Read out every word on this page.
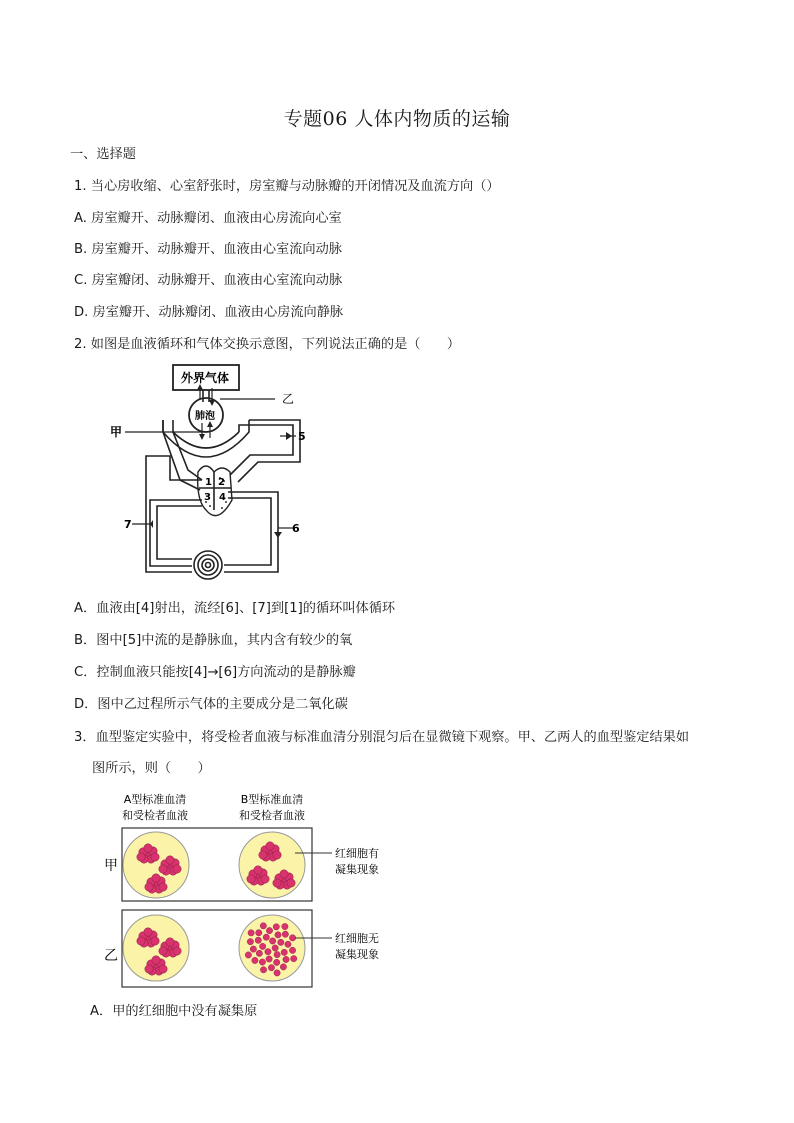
专题06 人体内物质的运输
一、选择题
1. 当心房收缩、心室舒张时，房室瓣与动脉瓣的开闭情况及血流方向（）
A. 房室瓣开、动脉瓣闭、血液由心房流向心室
B. 房室瓣开、动脉瓣开、血液由心室流向动脉
C. 房室瓣闭、动脉瓣开、血液由心室流向动脉
D. 房室瓣开、动脉瓣闭、血液由心房流向静脉
2. 如图是血液循环和气体交换示意图，下列说法正确的是（　　）
外界气体
肺泡
乙
甲	5
6
7
1 2
3 4
A．血液由[4]射出，流经[6]、[7]到[1]的循环叫体循环
B．图中[5]中流的是静脉血，其内含有较少的氧
C．控制血液只能按[4]→[6]方向流动的是静脉瓣
D．图中乙过程所示气体的主要成分是二氧化碳
3．血型鉴定实验中，将受检者血液与标准血清分别混匀后在显微镜下观察。甲、乙两人的血型鉴定结果如
图所示，则（　　）
A型标准血清
和受检者血液
B型标准血清
和受检者血液
甲
乙
红细胞有
凝集现象
红细胞无
凝集现象
A．甲的红细胞中没有凝集原
